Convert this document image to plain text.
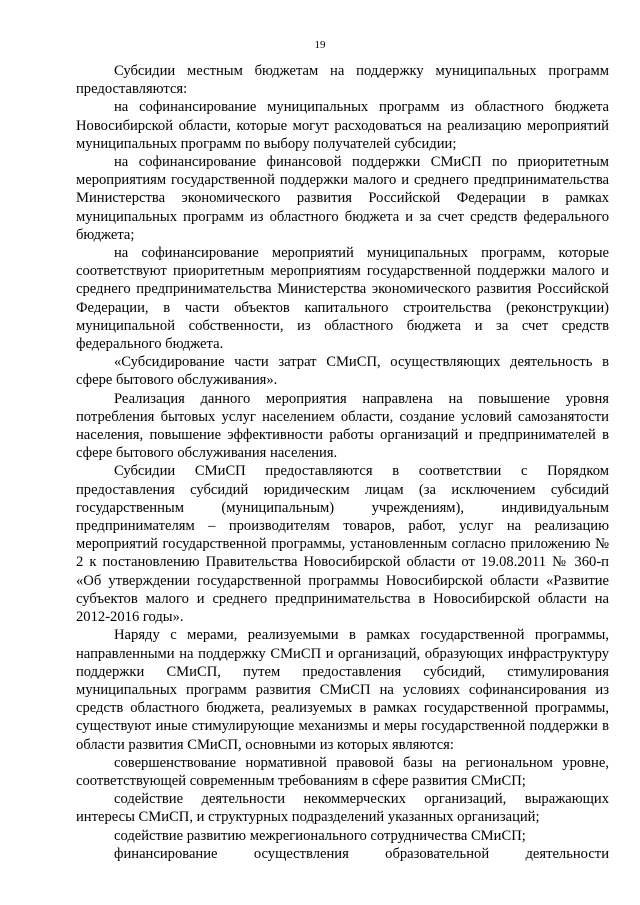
19

Субсидии местным бюджетам на поддержку муниципальных программ предоставляются:

на софинансирование муниципальных программ из областного бюджета Новосибирской области, которые могут расходоваться на реализацию мероприятий муниципальных программ по выбору получателей субсидии;

на софинансирование финансовой поддержки СМиСП по приоритетным мероприятиям государственной поддержки малого и среднего предпринимательства Министерства экономического развития Российской Федерации в рамках муниципальных программ из областного бюджета и за счет средств федерального бюджета;

на софинансирование мероприятий муниципальных программ, которые соответствуют приоритетным мероприятиям государственной поддержки малого и среднего предпринимательства Министерства экономического развития Российской Федерации, в части объектов капитального строительства (реконструкции) муниципальной собственности, из областного бюджета и за счет средств федерального бюджета.

«Субсидирование части затрат СМиСП, осуществляющих деятельность в сфере бытового обслуживания».

Реализация данного мероприятия направлена на повышение уровня потребления бытовых услуг населением области, создание условий самозанятости населения, повышение эффективности работы организаций и предпринимателей в сфере бытового обслуживания населения.

Субсидии СМиСП предоставляются в соответствии с Порядком предоставления субсидий юридическим лицам (за исключением субсидий государственным (муниципальным) учреждениям), индивидуальным предпринимателям – производителям товаров, работ, услуг на реализацию мероприятий государственной программы, установленным согласно приложению № 2 к постановлению Правительства Новосибирской области от 19.08.2011 № 360-п «Об утверждении государственной программы Новосибирской области «Развитие субъектов малого и среднего предпринимательства в Новосибирской области на 2012-2016 годы».

Наряду с мерами, реализуемыми в рамках государственной программы, направленными на поддержку СМиСП и организаций, образующих инфраструктуру поддержки СМиСП, путем предоставления субсидий, стимулирования муниципальных программ развития СМиСП на условиях софинансирования из средств областного бюджета, реализуемых в рамках государственной программы, существуют иные стимулирующие механизмы и меры государственной поддержки в области развития СМиСП, основными из которых являются:

совершенствование нормативной правовой базы на региональном уровне, соответствующей современным требованиям в сфере развития СМиСП;

содействие деятельности некоммерческих организаций, выражающих интересы СМиСП, и структурных подразделений указанных организаций;

содействие развитию межрегионального сотрудничества СМиСП;

финансирование осуществления образовательной деятельности
